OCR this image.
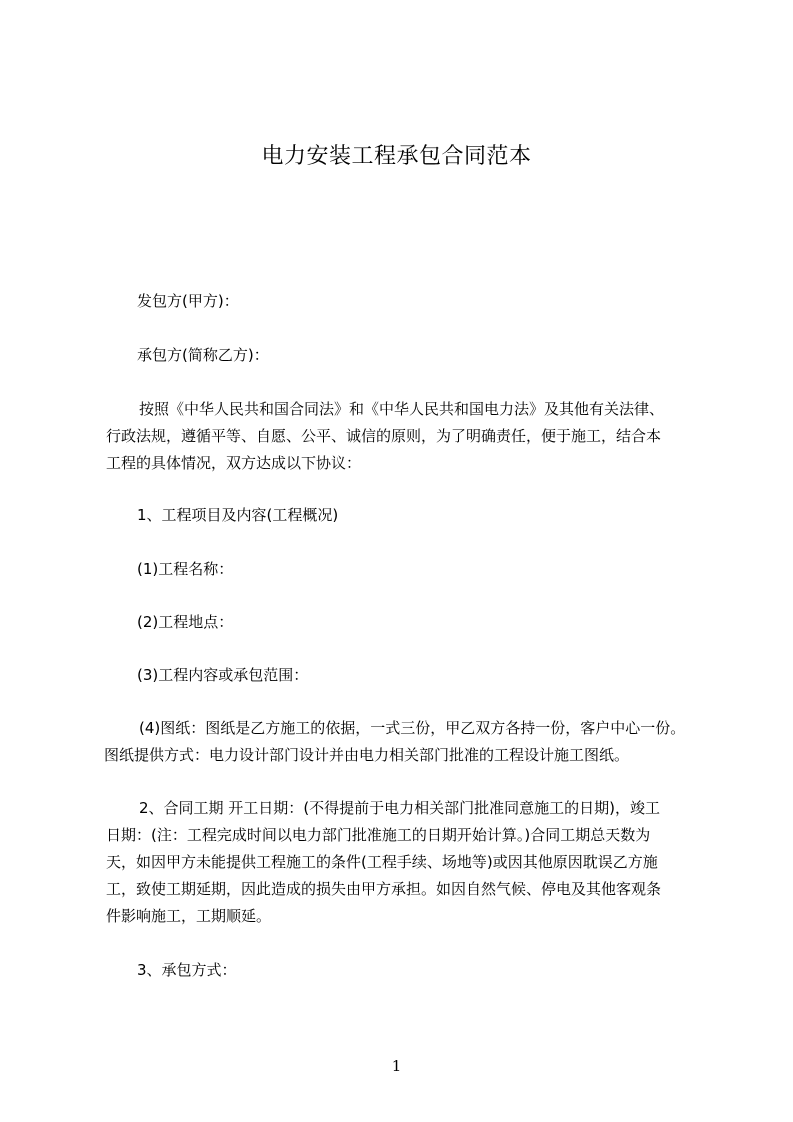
电力安装工程承包合同范本
发包方(甲方)：
承包方(简称乙方)：
按照《中华人民共和国合同法》和《中华人民共和国电力法》及其他有关法律、
行政法规，遵循平等、自愿、公平、诚信的原则，为了明确责任，便于施工，结合本
工程的具体情况，双方达成以下协议：
1、工程项目及内容(工程概况)
(1)工程名称：
(2)工程地点：
(3)工程内容或承包范围：
(4)图纸：图纸是乙方施工的依据，一式三份，甲乙双方各持一份，客户中心一份。
图纸提供方式：电力设计部门设计并由电力相关部门批准的工程设计施工图纸。
2、合同工期 开工日期：(不得提前于电力相关部门批准同意施工的日期)，竣工
日期：(注：工程完成时间以电力部门批准施工的日期开始计算。)合同工期总天数为
天，如因甲方未能提供工程施工的条件(工程手续、场地等)或因其他原因耽误乙方施
工，致使工期延期，因此造成的损失由甲方承担。如因自然气候、停电及其他客观条
件影响施工，工期顺延。
3、承包方式：
1
